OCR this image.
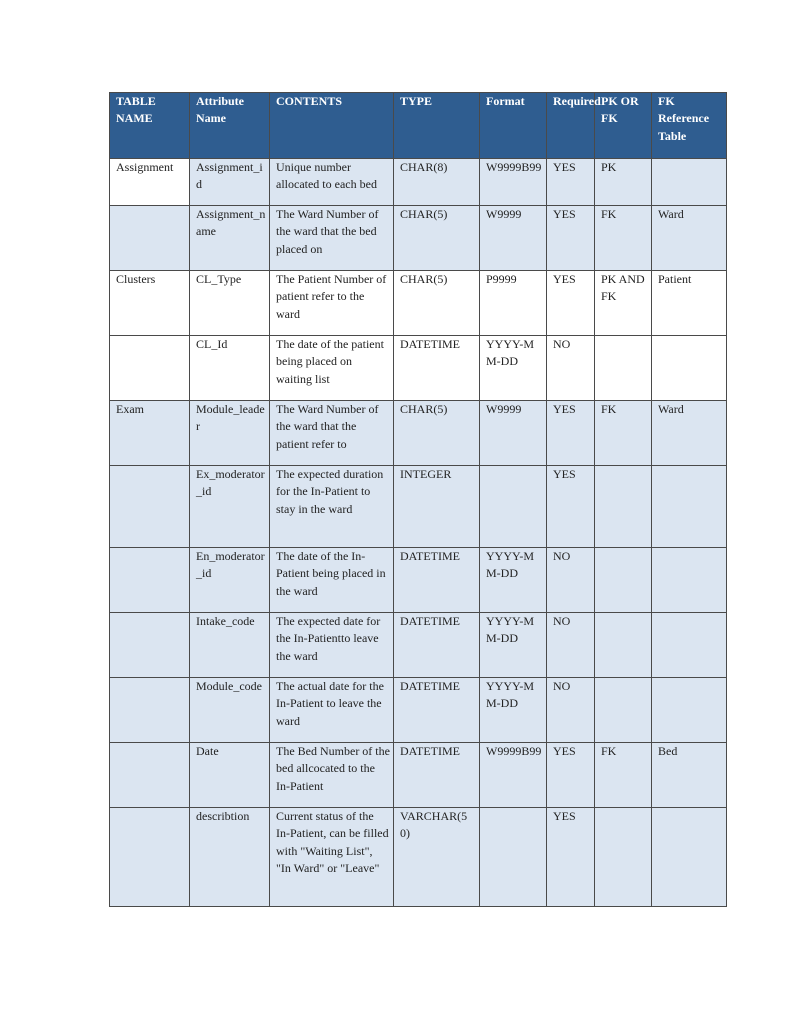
TABLE NAME	Attribute Name	CONTENTS	TYPE	Format	Required	PK OR FK	FK Reference Table
Assignment	Assignment_id	Unique number allocated to each bed	CHAR(8)	W9999B99	YES	PK	
	Assignment_name	The Ward Number of the ward that the bed placed on	CHAR(5)	W9999	YES	FK	Ward
Clusters	CL_Type	The Patient Number of patient refer to the ward	CHAR(5)	P9999	YES	PK AND FK	Patient
	CL_Id	The date of the patient being placed on waiting list	DATETIME	YYYY-MM-DD	NO		
Exam	Module_leader	The Ward Number of the ward that the patient refer to	CHAR(5)	W9999	YES	FK	Ward
	Ex_moderator_id	The expected duration for the In-Patient to stay in the ward	INTEGER		YES		
	En_moderator_id	The date of the In-Patient being placed in the ward	DATETIME	YYYY-MM-DD	NO		
	Intake_code	The expected date for the In-Patientto leave the ward	DATETIME	YYYY-MM-DD	NO		
	Module_code	The actual date for the In-Patient to leave the ward	DATETIME	YYYY-MM-DD	NO		
	Date	The Bed Number of the bed allcocated to the In-Patient	DATETIME	W9999B99	YES	FK	Bed
	describtion	Current status of the In-Patient, can be filled with "Waiting List", "In Ward" or "Leave"	VARCHAR(50)		YES		
